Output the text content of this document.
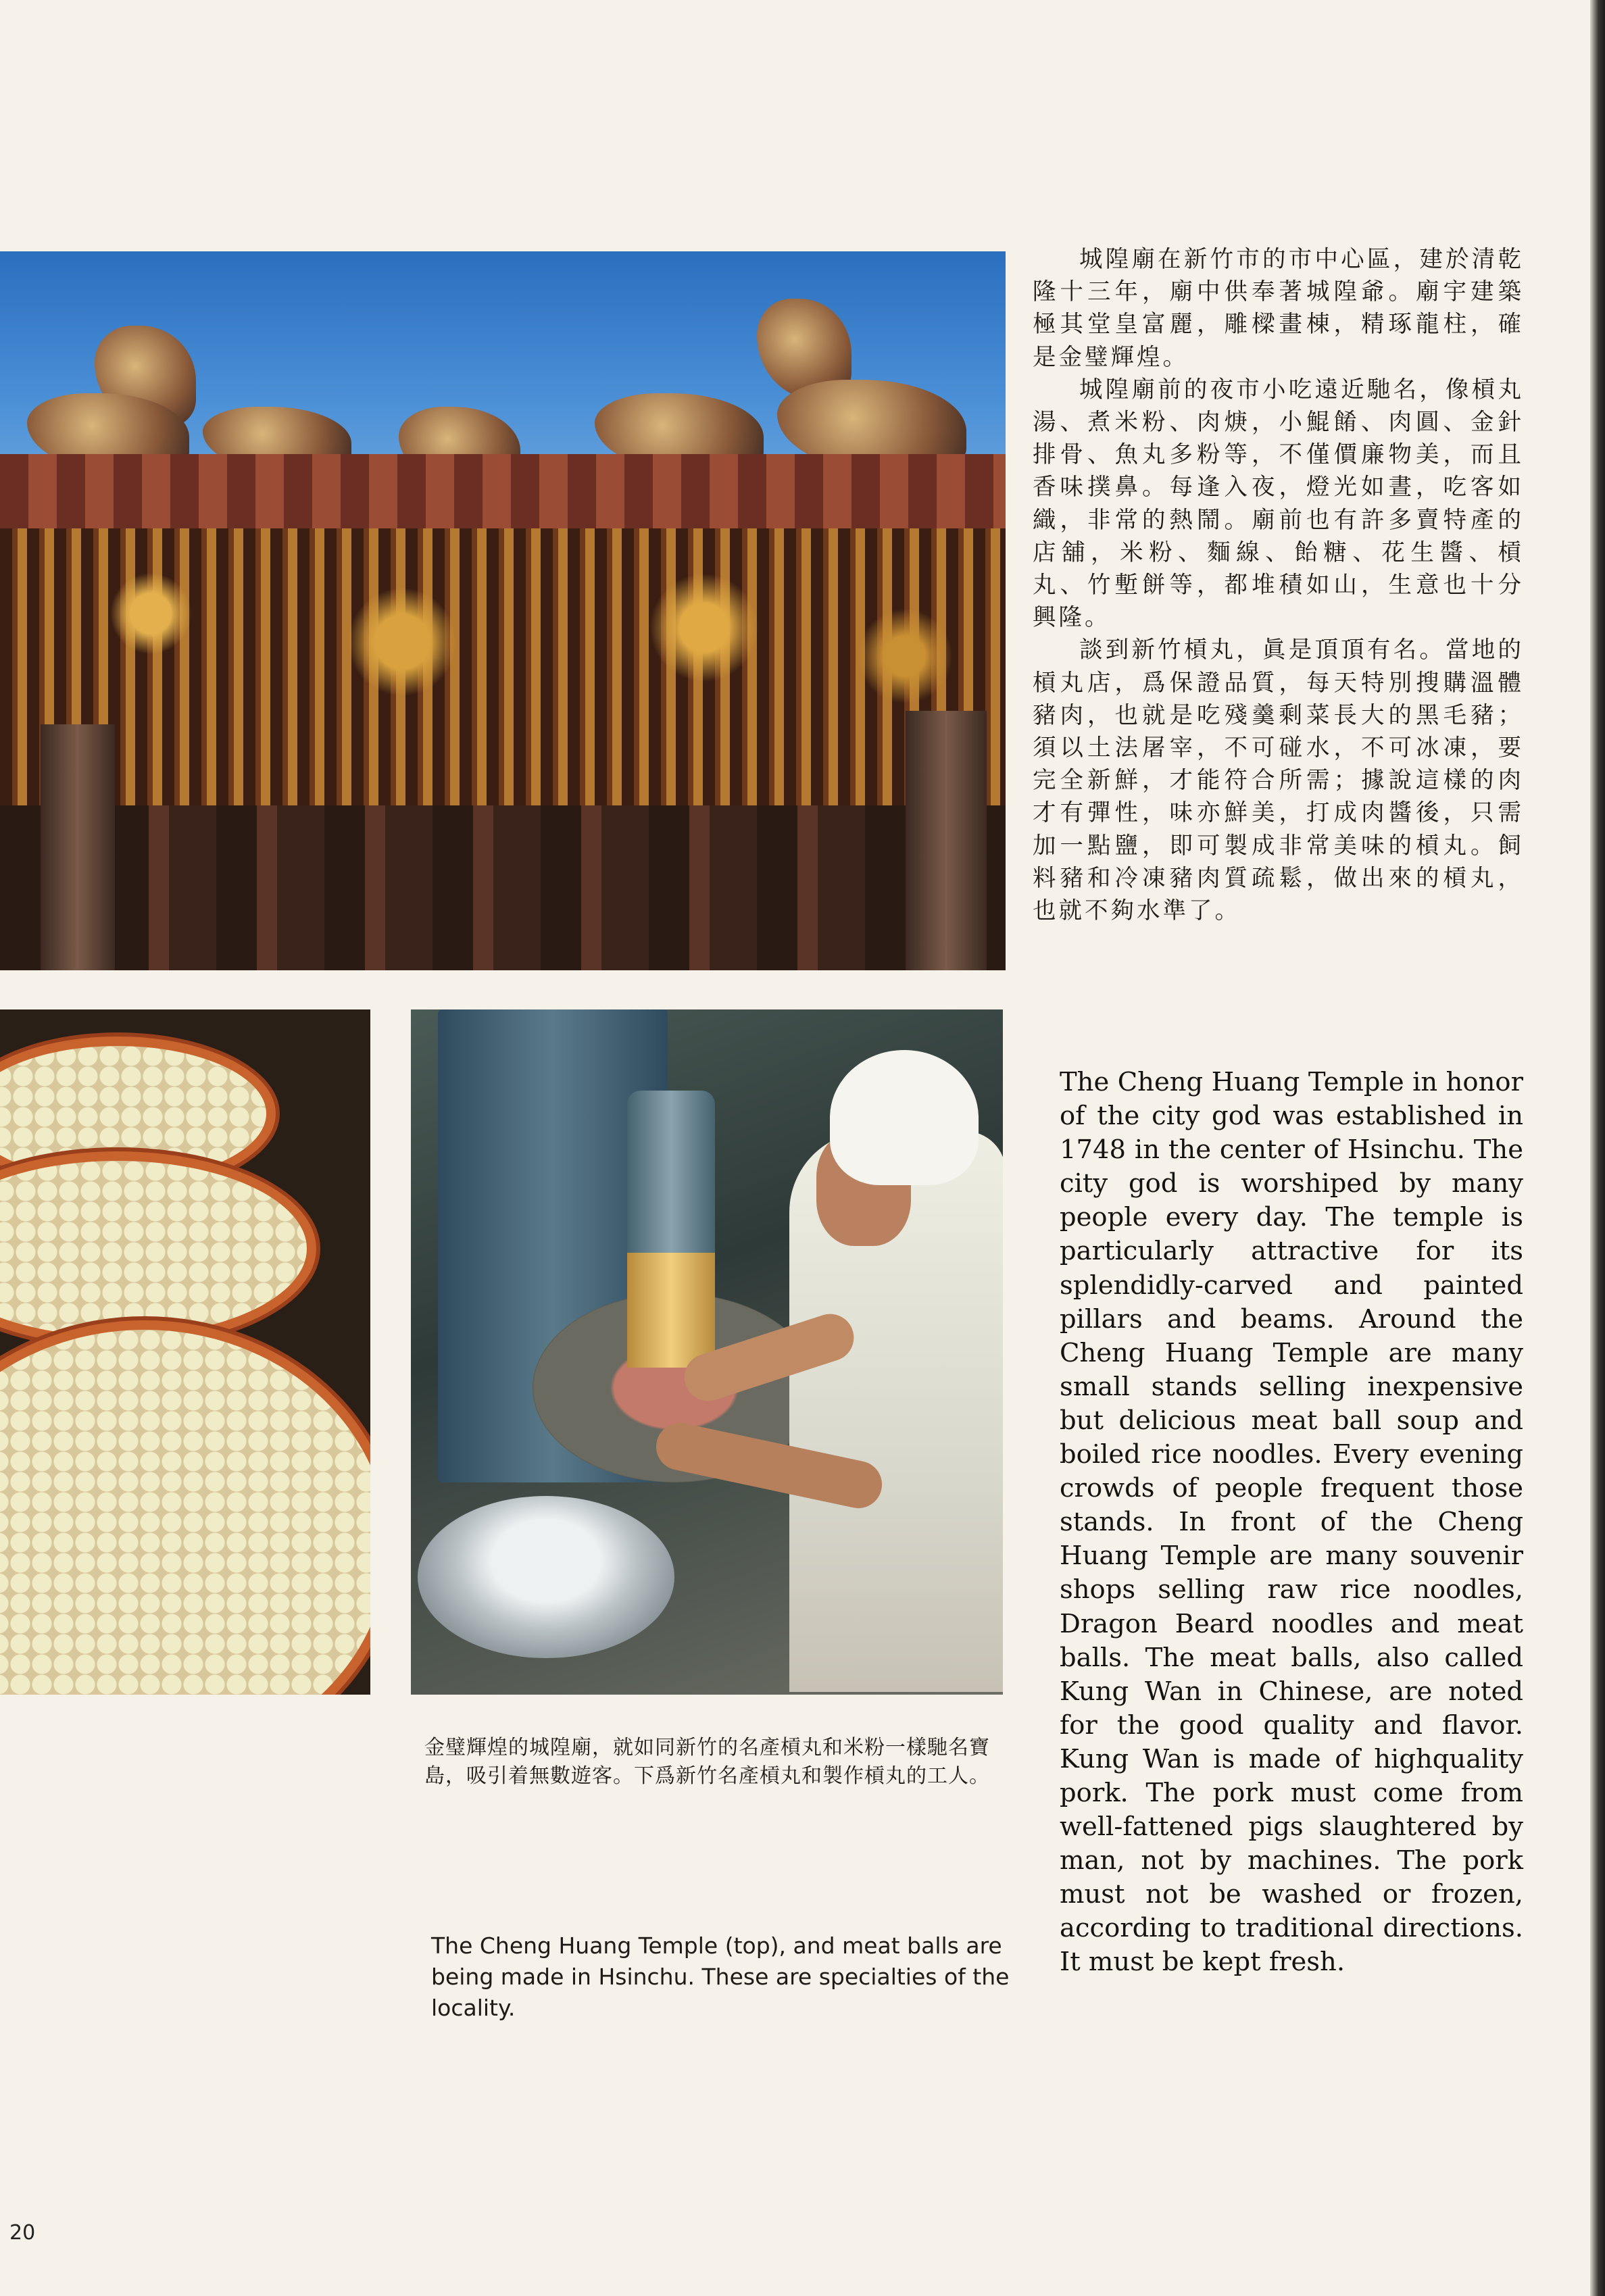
城隍廟在新竹市的市中心區，建於清乾隆十三年，廟中供奉著城隍爺。廟宇建築極其堂皇富麗，雕樑畫棟，精琢龍柱，確是金璧輝煌。

城隍廟前的夜市小吃遠近馳名，像槓丸湯、煮米粉、肉焿，小鯤餚、肉圓、金針排骨、魚丸多粉等，不僅價廉物美，而且香味撲鼻。每逢入夜，燈光如晝，吃客如織，非常的熱鬧。廟前也有許多賣特產的店舖，米粉、麵線、飴糖、花生醬、槓丸、竹塹餅等，都堆積如山，生意也十分興隆。

談到新竹槓丸，眞是頂頂有名。當地的槓丸店，爲保證品質，每天特別搜購溫體豬肉，也就是吃殘羹剩菜長大的黑毛豬；須以土法屠宰，不可碰水，不可冰凍，要完全新鮮，才能符合所需；據說這樣的肉才有彈性，味亦鮮美，打成肉醬後，只需加一點鹽，即可製成非常美味的槓丸。飼料豬和冷凍豬肉質疏鬆，做出來的槓丸，也就不夠水準了。

The Cheng Huang Temple in honor of the city god was established in 1748 in the center of Hsinchu. The city god is worshiped by many people every day. The temple is particularly attractive for its splendidly-carved and painted pillars and beams. Around the Cheng Huang Temple are many small stands selling inexpensive but delicious meat ball soup and boiled rice noodles. Every evening crowds of people frequent those stands. In front of the Cheng Huang Temple are many souvenir shops selling raw rice noodles, Dragon Beard noodles and meat balls. The meat balls, also called Kung Wan in Chinese, are noted for the good quality and flavor. Kung Wan is made of highquality pork. The pork must come from well-fattened pigs slaughtered by man, not by machines. The pork must not be washed or frozen, according to traditional directions. It must be kept fresh.
金璧輝煌的城隍廟，就如同新竹的名產槓丸和米粉一樣馳名寶島，吸引着無數遊客。下爲新竹名產槓丸和製作槓丸的工人。
The Cheng Huang Temple (top), and meat balls are being made in Hsinchu. These are specialties of the locality.
20
